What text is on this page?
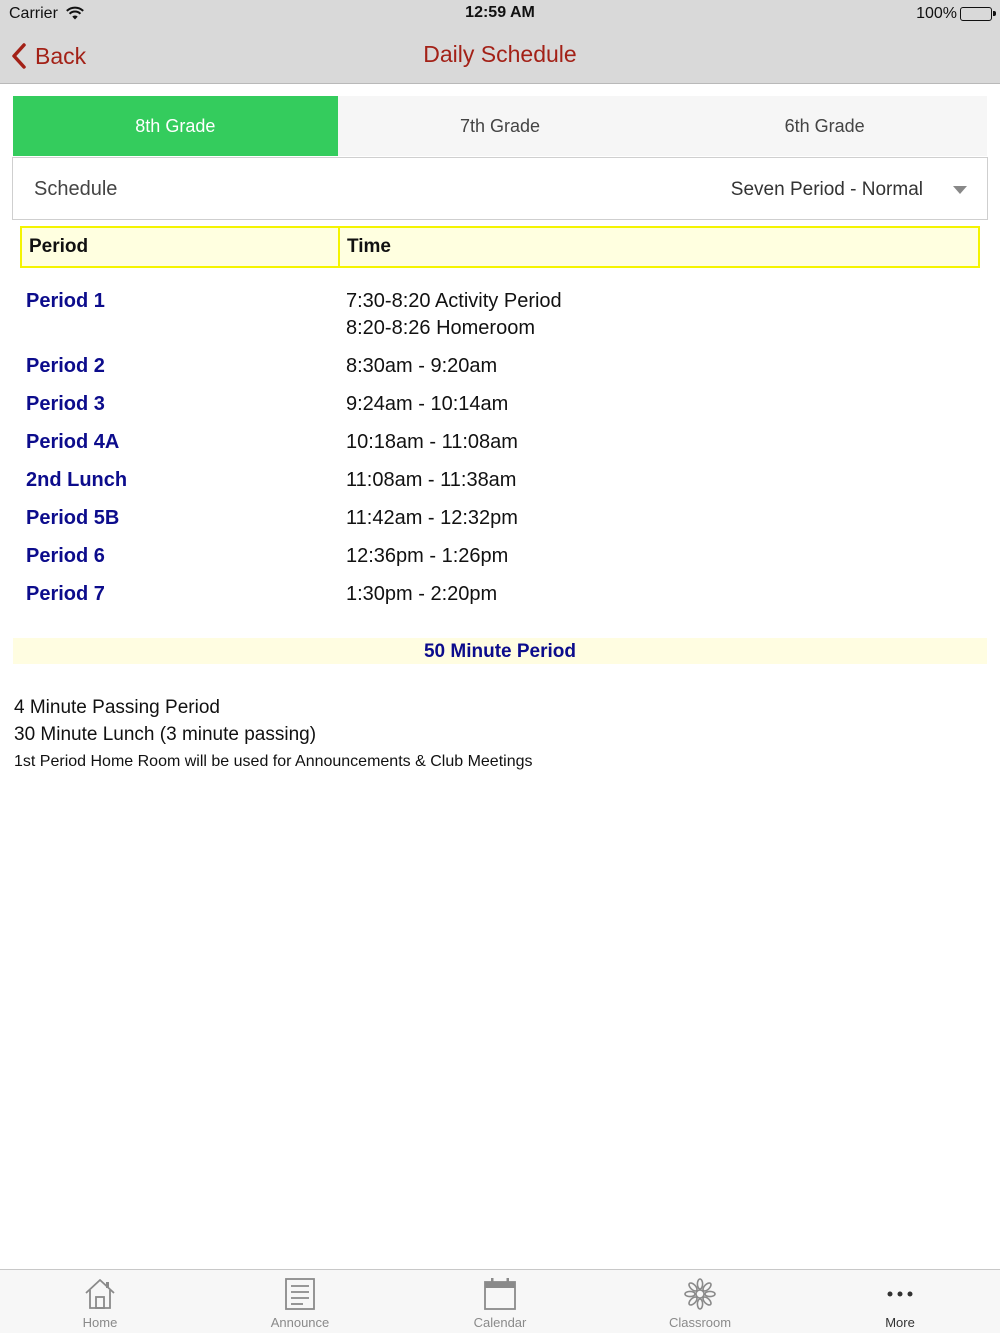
Carrier	12:59 AM	100%
Back	Daily Schedule
8th Grade	7th Grade	6th Grade
Schedule	Seven Period - Normal
Period	Time
Period 1	7:30-8:20 Activity Period
8:20-8:26 Homeroom
Period 2	8:30am - 9:20am
Period 3	9:24am - 10:14am
Period 4A	10:18am - 11:08am
2nd Lunch	11:08am - 11:38am
Period 5B	11:42am - 12:32pm
Period 6	12:36pm - 1:26pm
Period 7	1:30pm - 2:20pm
50 Minute Period
4 Minute Passing Period
30 Minute Lunch (3 minute passing)
1st Period Home Room will be used for Announcements & Club Meetings
Home	Announce	Calendar	Classroom	More
